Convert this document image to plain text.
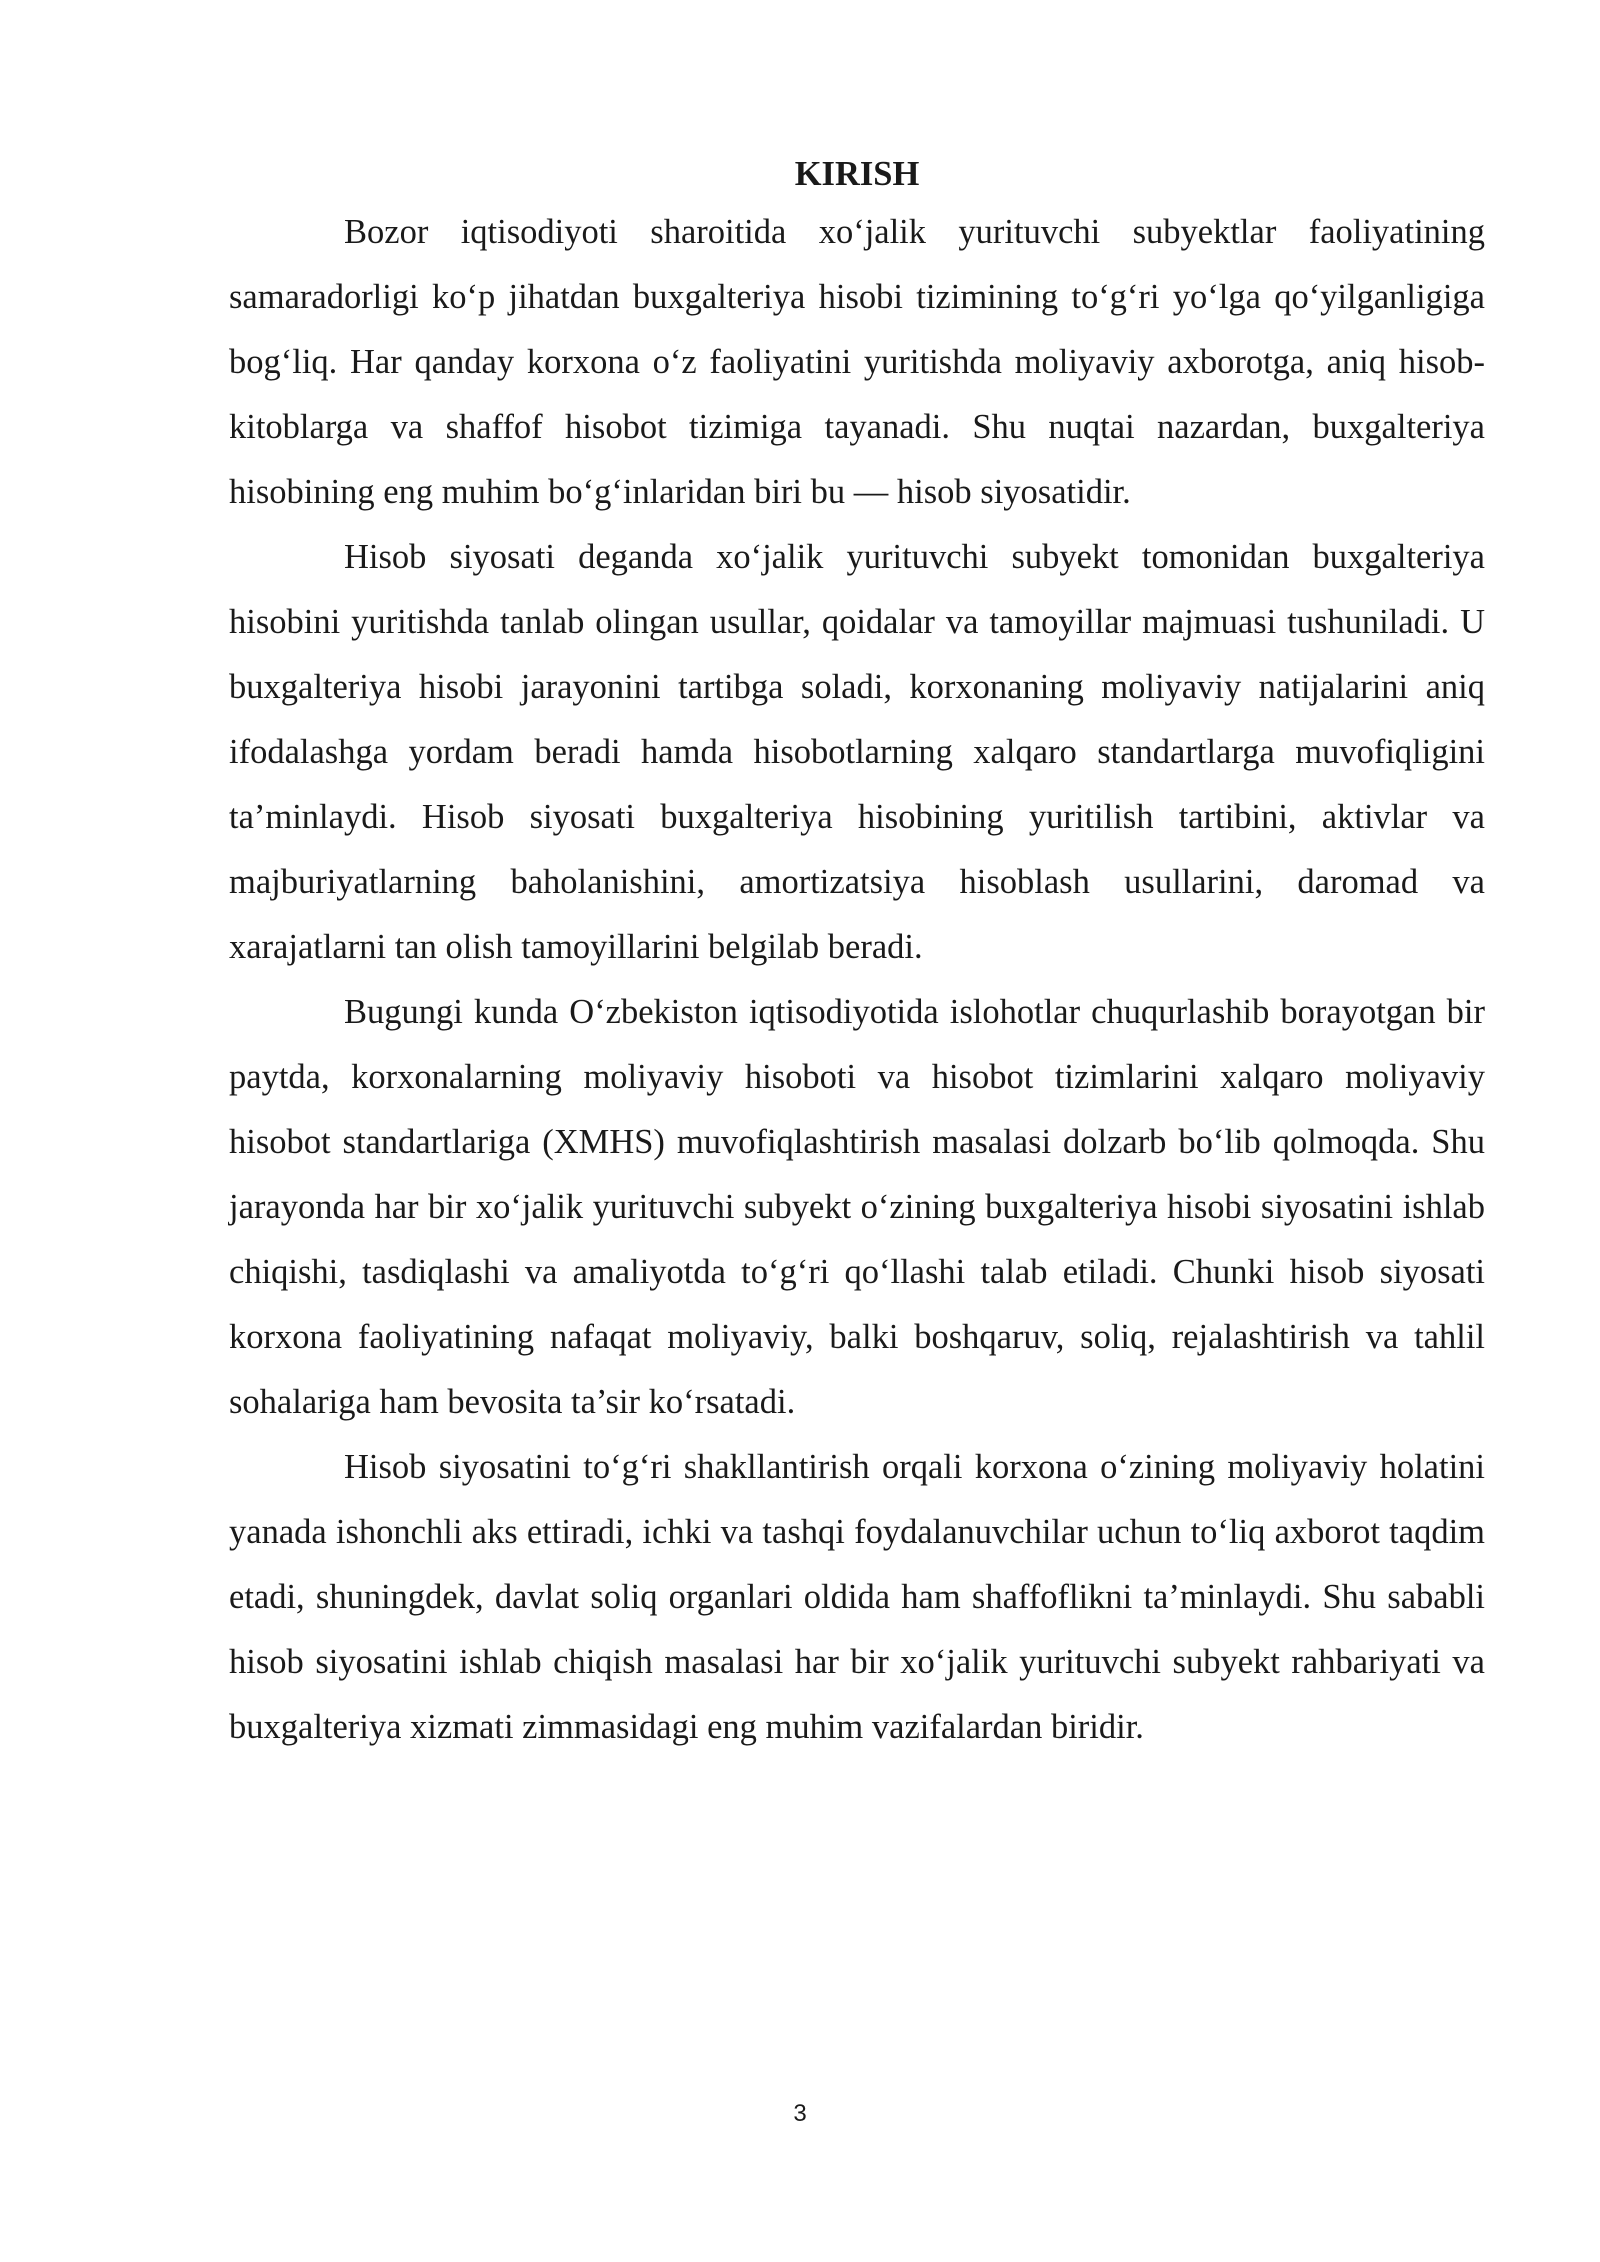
KIRISH

Bozor iqtisodiyoti sharoitida xo‘jalik yurituvchi subyektlar faoliyatining samaradorligi ko‘p jihatdan buxgalteriya hisobi tizimining to‘g‘ri yo‘lga qo‘yilganligiga bog‘liq. Har qanday korxona o‘z faoliyatini yuritishda moliyaviy axborotga, aniq hisob-kitoblarga va shaffof hisobot tizimiga tayanadi. Shu nuqtai nazardan, buxgalteriya hisobining eng muhim bo‘g‘inlaridan biri bu — hisob siyosatidir.

Hisob siyosati deganda xo‘jalik yurituvchi subyekt tomonidan buxgalteriya hisobini yuritishda tanlab olingan usullar, qoidalar va tamoyillar majmuasi tushuniladi. U buxgalteriya hisobi jarayonini tartibga soladi, korxonaning moliyaviy natijalarini aniq ifodalashga yordam beradi hamda hisobotlarning xalqaro standartlarga muvofiqligini ta’minlaydi. Hisob siyosati buxgalteriya hisobining yuritilish tartibini, aktivlar va majburiyatlarning baholanishini, amortizatsiya hisoblash usullarini, daromad va xarajatlarni tan olish tamoyillarini belgilab beradi.

Bugungi kunda O‘zbekiston iqtisodiyotida islohotlar chuqurlashib borayotgan bir paytda, korxonalarning moliyaviy hisoboti va hisobot tizimlarini xalqaro moliyaviy hisobot standartlariga (XMHS) muvofiqlashtirish masalasi dolzarb bo‘lib qolmoqda. Shu jarayonda har bir xo‘jalik yurituvchi subyekt o‘zining buxgalteriya hisobi siyosatini ishlab chiqishi, tasdiqlashi va amaliyotda to‘g‘ri qo‘llashi talab etiladi. Chunki hisob siyosati korxona faoliyatining nafaqat moliyaviy, balki boshqaruv, soliq, rejalashtirish va tahlil sohalariga ham bevosita ta’sir ko‘rsatadi.

Hisob siyosatini to‘g‘ri shakllantirish orqali korxona o‘zining moliyaviy holatini yanada ishonchli aks ettiradi, ichki va tashqi foydalanuvchilar uchun to‘liq axborot taqdim etadi, shuningdek, davlat soliq organlari oldida ham shaffoflikni ta’minlaydi. Shu sababli hisob siyosatini ishlab chiqish masalasi har bir xo‘jalik yurituvchi subyekt rahbariyati va buxgalteriya xizmati zimmasidagi eng muhim vazifalardan biridir.

3
